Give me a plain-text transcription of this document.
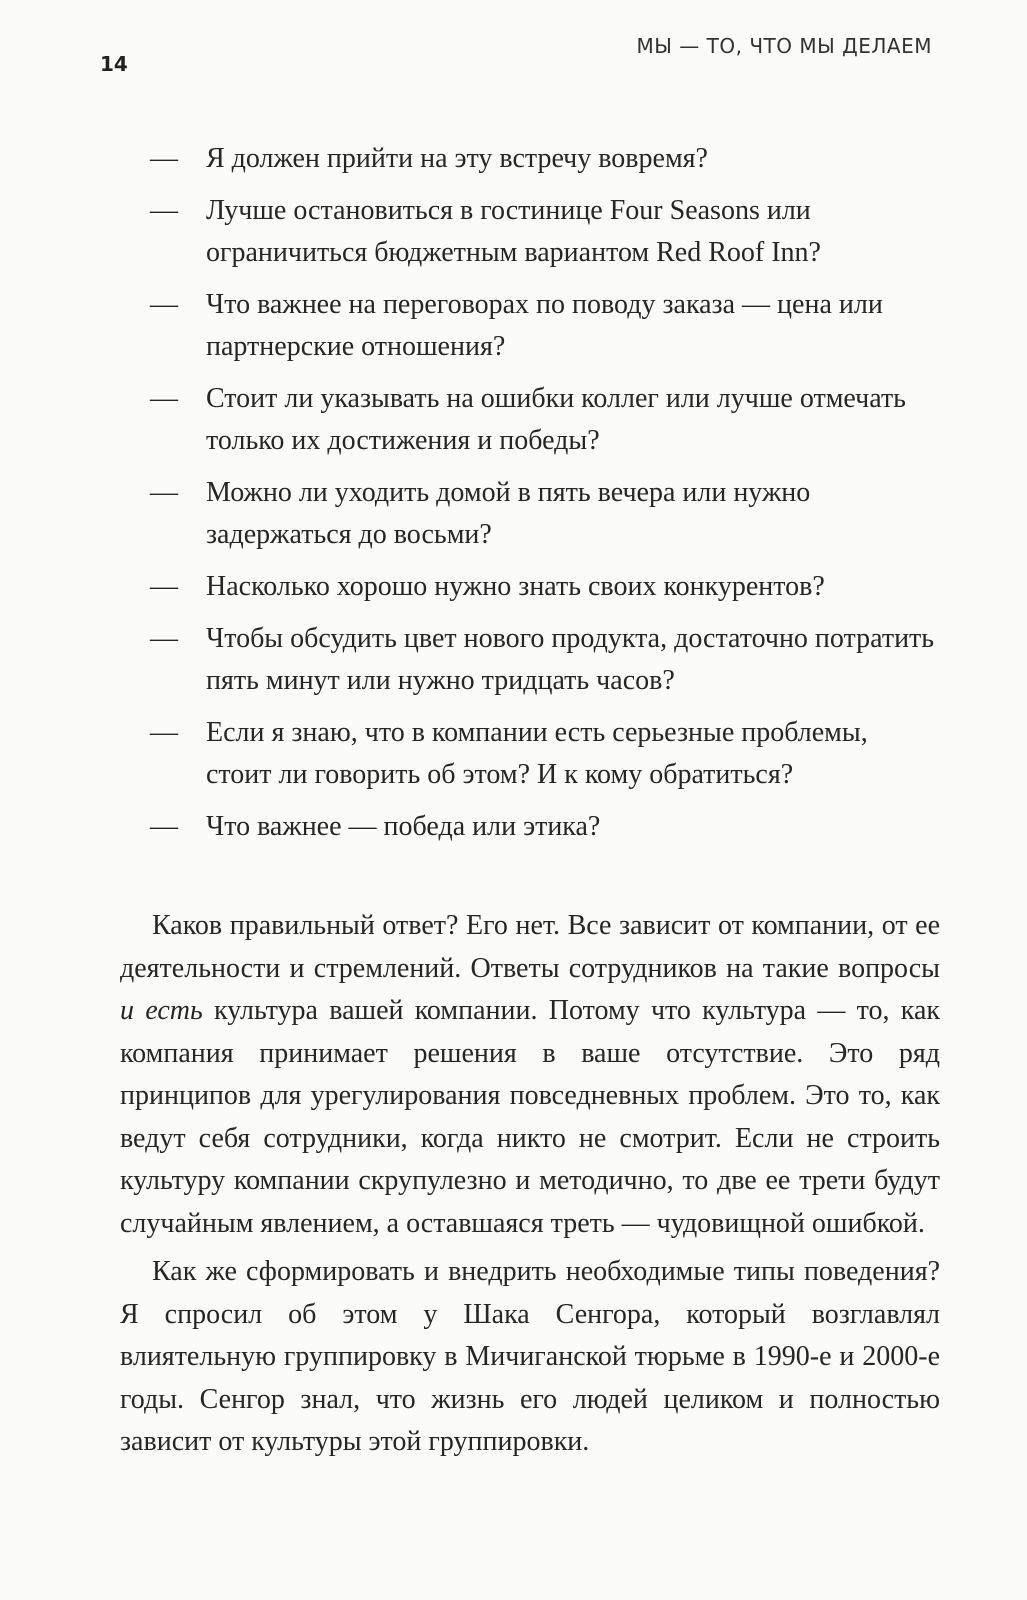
14
МЫ — ТО, ЧТО МЫ ДЕЛАЕМ
— Я должен прийти на эту встречу вовремя?
— Лучше остановиться в гостинице Four Seasons или ограничиться бюджетным вариантом Red Roof Inn?
— Что важнее на переговорах по поводу заказа — цена или партнерские отношения?
— Стоит ли указывать на ошибки коллег или лучше отмечать только их достижения и победы?
— Можно ли уходить домой в пять вечера или нужно задержаться до восьми?
— Насколько хорошо нужно знать своих конкурентов?
— Чтобы обсудить цвет нового продукта, достаточно потратить пять минут или нужно тридцать часов?
— Если я знаю, что в компании есть серьезные проблемы, стоит ли говорить об этом? И к кому обратиться?
— Что важнее — победа или этика?

Каков правильный ответ? Его нет. Все зависит от компании, от ее деятельности и стремлений. Ответы сотрудников на такие вопросы и есть культура вашей компании. Потому что культура — то, как компания принимает решения в ваше отсутствие. Это ряд принципов для урегулирования повседневных проблем. Это то, как ведут себя сотрудники, когда никто не смотрит. Если не строить культуру компании скрупулезно и методично, то две ее трети будут случайным явлением, а оставшаяся треть — чудовищной ошибкой.

Как же сформировать и внедрить необходимые типы поведения? Я спросил об этом у Шака Сенгора, который возглавлял влиятельную группировку в Мичиганской тюрьме в 1990-е и 2000-е годы. Сенгор знал, что жизнь его людей целиком и полностью зависит от культуры этой группировки.
